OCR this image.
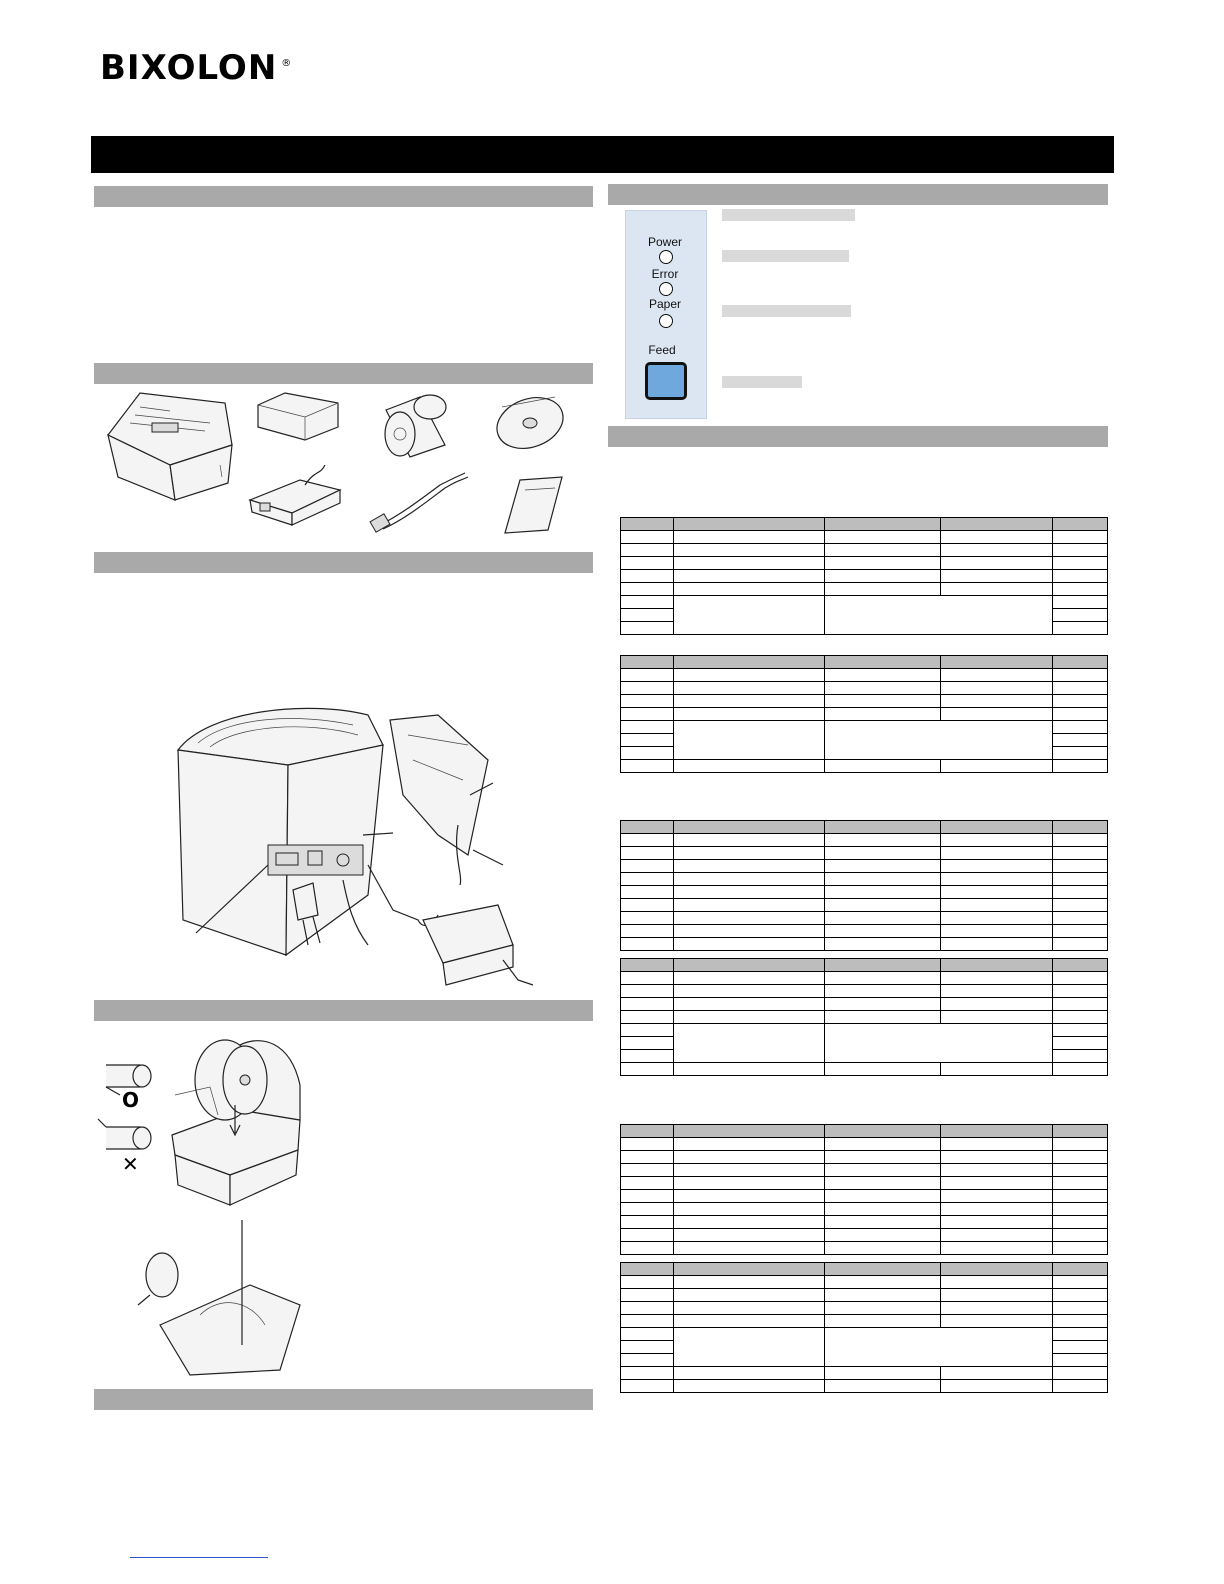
BIXOLON ®
Power
Error
Paper
Feed

O
✕
